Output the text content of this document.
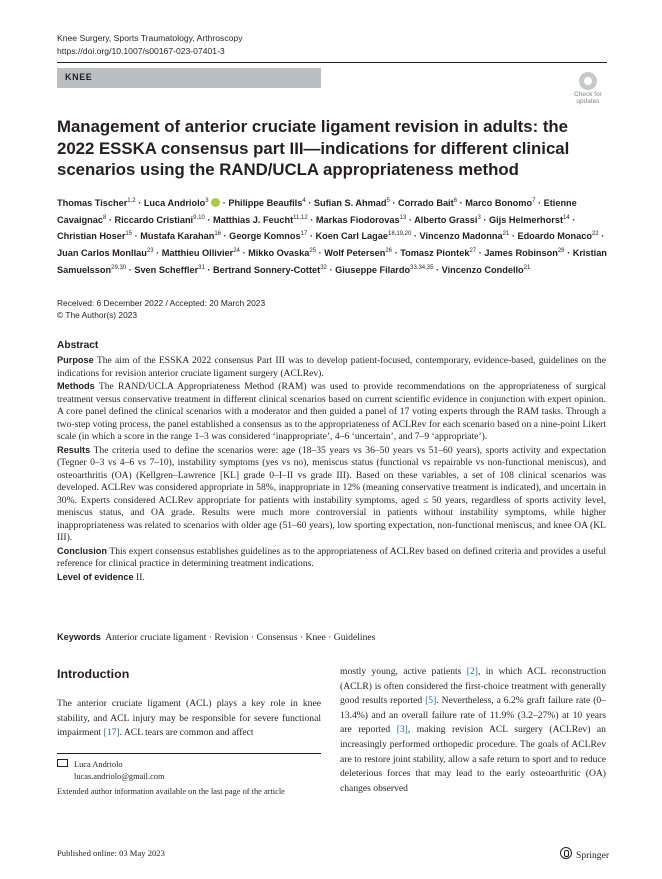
Knee Surgery, Sports Traumatology, Arthroscopy
https://doi.org/10.1007/s00167-023-07401-3
KNEE
Check for updates
Management of anterior cruciate ligament revision in adults: the 2022 ESSKA consensus part III—indications for different clinical scenarios using the RAND/UCLA appropriateness method
Thomas Tischer$^{1,2}$ · Luca Andriolo$^3$  · Philippe Beaufils$^4$ · Sufian S. Ahmad$^5$ · Corrado Bait$^6$ · Marco Bonomo$^7$ · Etienne Cavaignac$^8$ · Riccardo Cristiani$^{9,10}$ · Matthias J. Feucht$^{11,12}$ · Markas Fiodorovas$^{13}$ · Alberto Grassi$^3$ · Gijs Helmerhorst$^{14}$ · Christian Hoser$^{15}$ · Mustafa Karahan$^{16}$ · George Komnos$^{17}$ · Koen Carl Lagae$^{18,19,20}$ · Vincenzo Madonna$^{21}$ · Edoardo Monaco$^{22}$ · Juan Carlos Monllau$^{23}$ · Matthieu Ollivier$^{24}$ · Mikko Ovaska$^{25}$ · Wolf Petersen$^{26}$ · Tomasz Piontek$^{27}$ · James Robinson$^{28}$ · Kristian Samuelsson$^{29,30}$ · Sven Scheffler$^{31}$ · Bertrand Sonnery-Cottet$^{32}$ · Giuseppe Filardo$^{33,34,35}$ · Vincenzo Condello$^{21}$
Received: 6 December 2022 / Accepted: 20 March 2023
© The Author(s) 2023
Abstract

Purpose The aim of the ESSKA 2022 consensus Part III was to develop patient-focused, contemporary, evidence-based, guidelines on the indications for revision anterior cruciate ligament surgery (ACLRev).

Methods The RAND/UCLA Appropriateness Method (RAM) was used to provide recommendations on the appropriateness of surgical treatment versus conservative treatment in different clinical scenarios based on current scientific evidence in conjunction with expert opinion. A core panel defined the clinical scenarios with a moderator and then guided a panel of 17 voting experts through the RAM tasks. Through a two-step voting process, the panel established a consensus as to the appropriateness of ACLRev for each scenario based on a nine-point Likert scale (in which a score in the range 1–3 was considered ‘inappropriate’, 4–6 ‘uncertain’, and 7–9 ‘appropriate’).

Results The criteria used to define the scenarios were: age (18–35 years vs 36–50 years vs 51–60 years), sports activity and expectation (Tegner 0–3 vs 4–6 vs 7–10), instability symptoms (yes vs no), meniscus status (functional vs repairable vs non-functional meniscus), and osteoarthritis (OA) (Kellgren–Lawrence [KL] grade 0–I–II vs grade III). Based on these variables, a set of 108 clinical scenarios was developed. ACLRev was considered appropriate in 58%, inappropriate in 12% (meaning conservative treatment is indicated), and uncertain in 30%. Experts considered ACLRev appropriate for patients with instability symptoms, aged ≤ 50 years, regardless of sports activity level, meniscus status, and OA grade. Results were much more controversial in patients without instability symptoms, while higher inappropriateness was related to scenarios with older age (51–60 years), low sporting expectation, non-functional meniscus, and knee OA (KL III).

Conclusion This expert consensus establishes guidelines as to the appropriateness of ACLRev based on defined criteria and provides a useful reference for clinical practice in determining treatment indications.

Level of evidence II.

Keywords Anterior cruciate ligament · Revision · Consensus · Knee · Guidelines
Introduction
The anterior cruciate ligament (ACL) plays a key role in knee stability, and ACL injury may be responsible for severe functional impairment [17]. ACL tears are common and affect
mostly young, active patients [2], in which ACL reconstruction (ACLR) is often considered the first-choice treatment with generally good results reported [5]. Nevertheless, a 6.2% graft failure rate (0–13.4%) and an overall failure rate of 11.9% (3.2–27%) at 10 years are reported [3], making revision ACL surgery (ACLRev) an increasingly performed orthopedic procedure. The goals of ACLRev are to restore joint stability, allow a safe return to sport and to reduce deleterious forces that may lead to the early osteoarthritic (OA) changes observed
Luca Andriolo
lucas.andriolo@gmail.com
Extended author information available on the last page of the article
Published online: 03 May 2023	Springer
